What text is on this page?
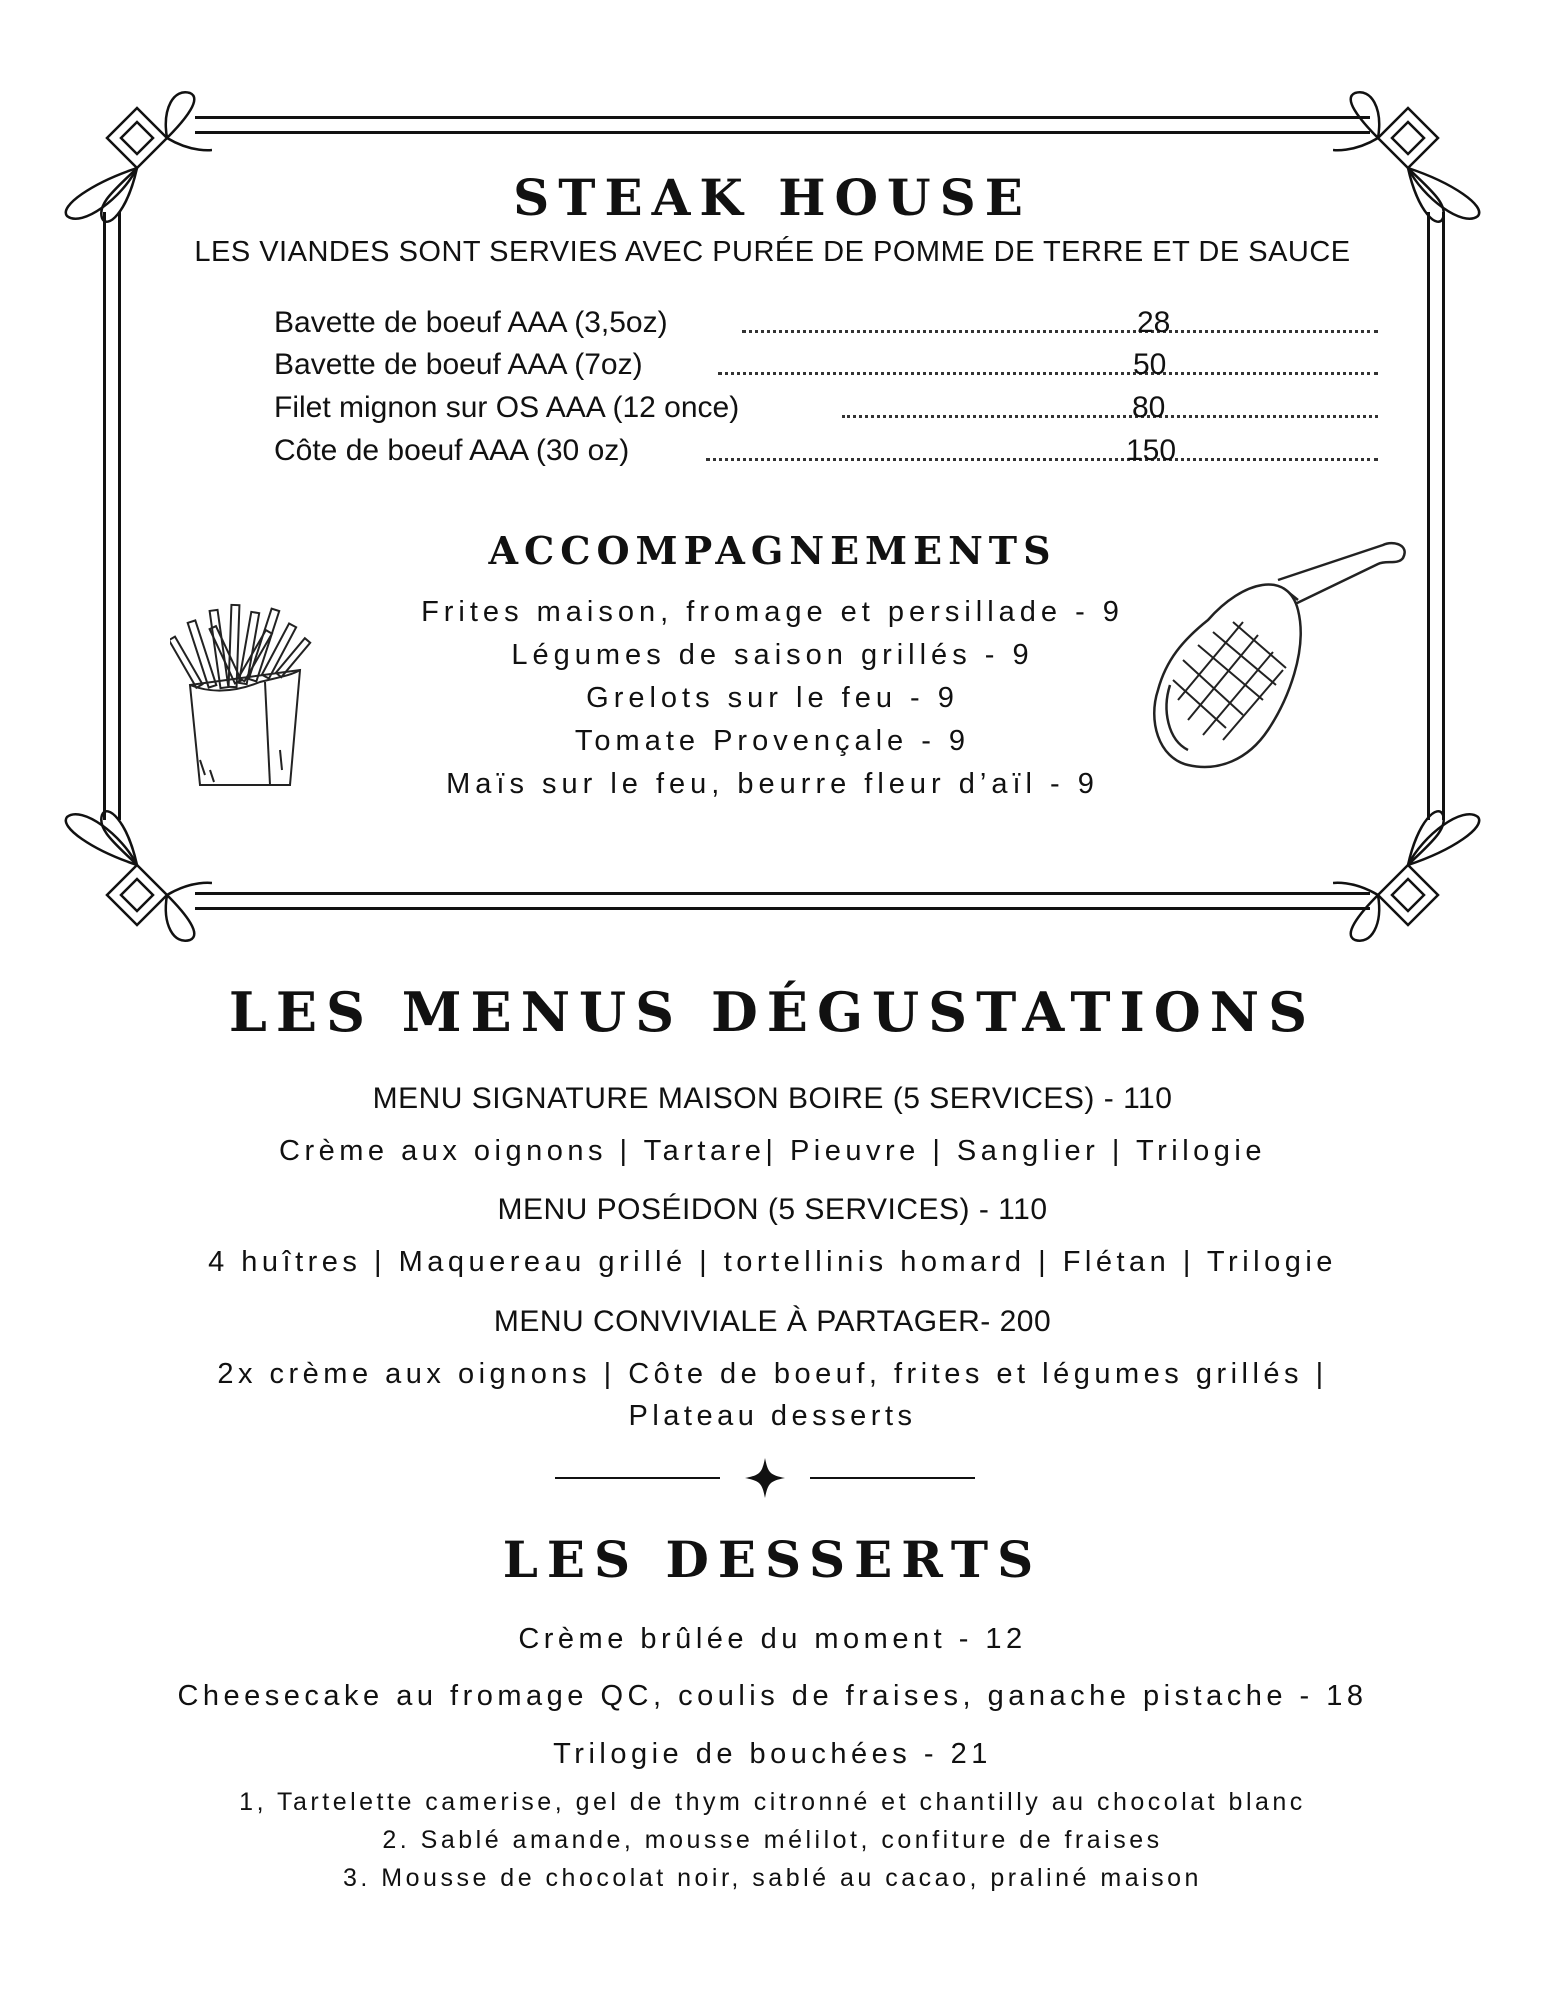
STEAK HOUSE
LES VIANDES SONT SERVIES AVEC PURÉE DE POMME DE TERRE ET DE SAUCE
Bavette de boeuf AAA (3,5oz)	28
Bavette de boeuf AAA (7oz)	50
Filet mignon sur OS AAA (12 once)	80
Côte de boeuf AAA (30 oz)	150
ACCOMPAGNEMENTS
Frites maison, fromage et persillade - 9
Légumes de saison grillés - 9
Grelots sur le feu - 9
Tomate Provençale - 9
Maïs sur le feu, beurre fleur d’aïl - 9
LES MENUS DÉGUSTATIONS
MENU SIGNATURE MAISON BOIRE (5 SERVICES) - 110
Crème aux oignons | Tartare| Pieuvre | Sanglier | Trilogie
MENU POSÉIDON (5 SERVICES) - 110
4 huîtres | Maquereau grillé | tortellinis homard | Flétan | Trilogie
MENU CONVIVIALE À PARTAGER- 200
2x crème aux oignons | Côte de boeuf, frites et légumes grillés |
Plateau desserts
LES DESSERTS
Crème brûlée du moment - 12
Cheesecake au fromage QC, coulis de fraises, ganache pistache - 18
Trilogie de bouchées - 21
1, Tartelette camerise, gel de thym citronné et chantilly au chocolat blanc
2. Sablé amande, mousse mélilot, confiture de fraises
3. Mousse de chocolat noir, sablé au cacao, praliné maison
